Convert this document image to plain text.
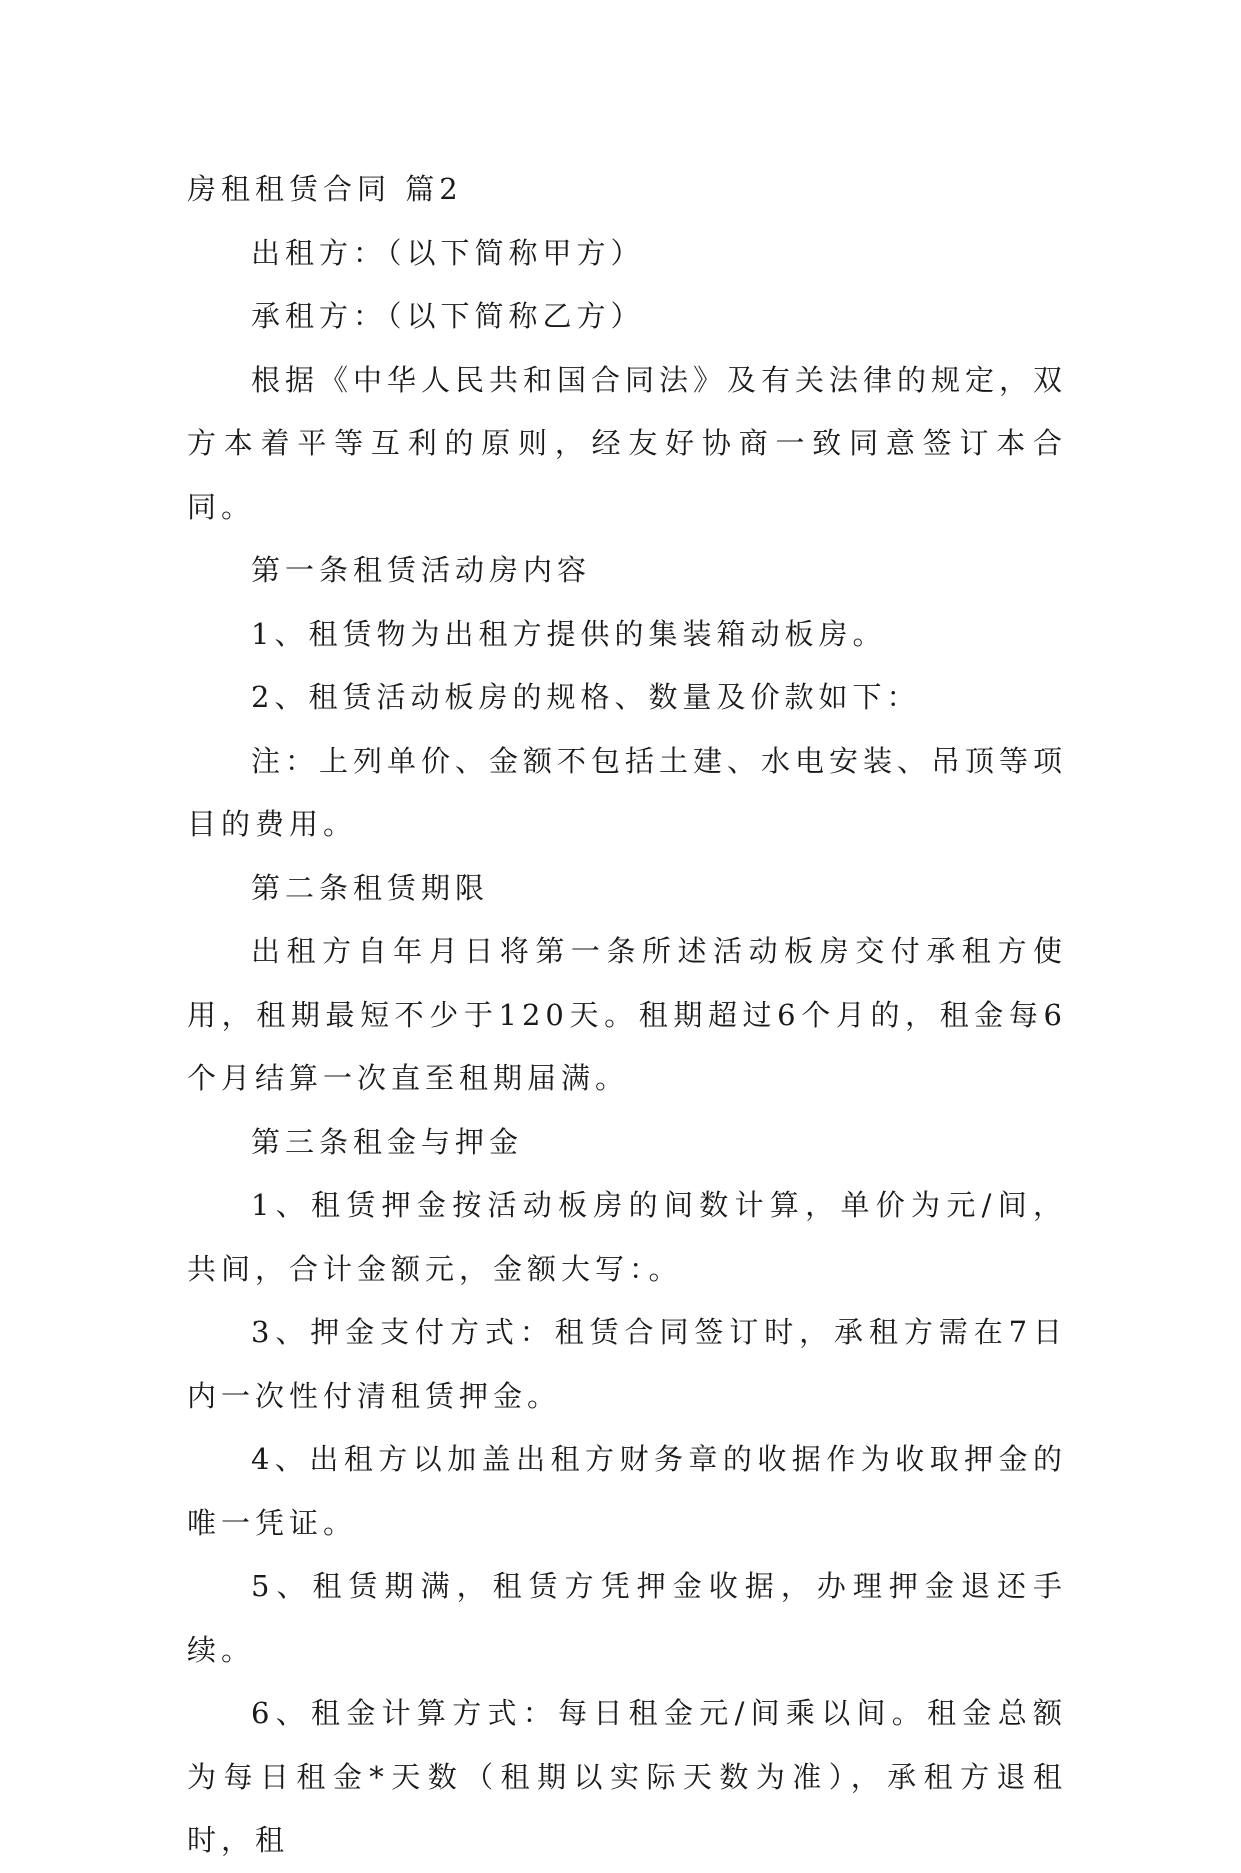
房租租赁合同 篇2

出租方：（以下简称甲方）

承租方：（以下简称乙方）

根据《中华人民共和国合同法》及有关法律的规定，双方本着平等互利的原则，经友好协商一致同意签订本合同。

第一条租赁活动房内容

1、租赁物为出租方提供的集装箱动板房。

2、租赁活动板房的规格、数量及价款如下：

注：上列单价、金额不包括土建、水电安装、吊顶等项目的费用。

第二条租赁期限

出租方自年月日将第一条所述活动板房交付承租方使用，租期最短不少于120天。租期超过6个月的，租金每6个月结算一次直至租期届满。

第三条租金与押金

1、租赁押金按活动板房的间数计算，单价为元/间，共间，合计金额元，金额大写：。

3、押金支付方式：租赁合同签订时，承租方需在7日内一次性付清租赁押金。

4、出租方以加盖出租方财务章的收据作为收取押金的唯一凭证。

5、租赁期满，租赁方凭押金收据，办理押金退还手续。

6、租金计算方式：每日租金元/间乘以间。租金总额为每日租金*天数（租期以实际天数为准），承租方退租时，租
